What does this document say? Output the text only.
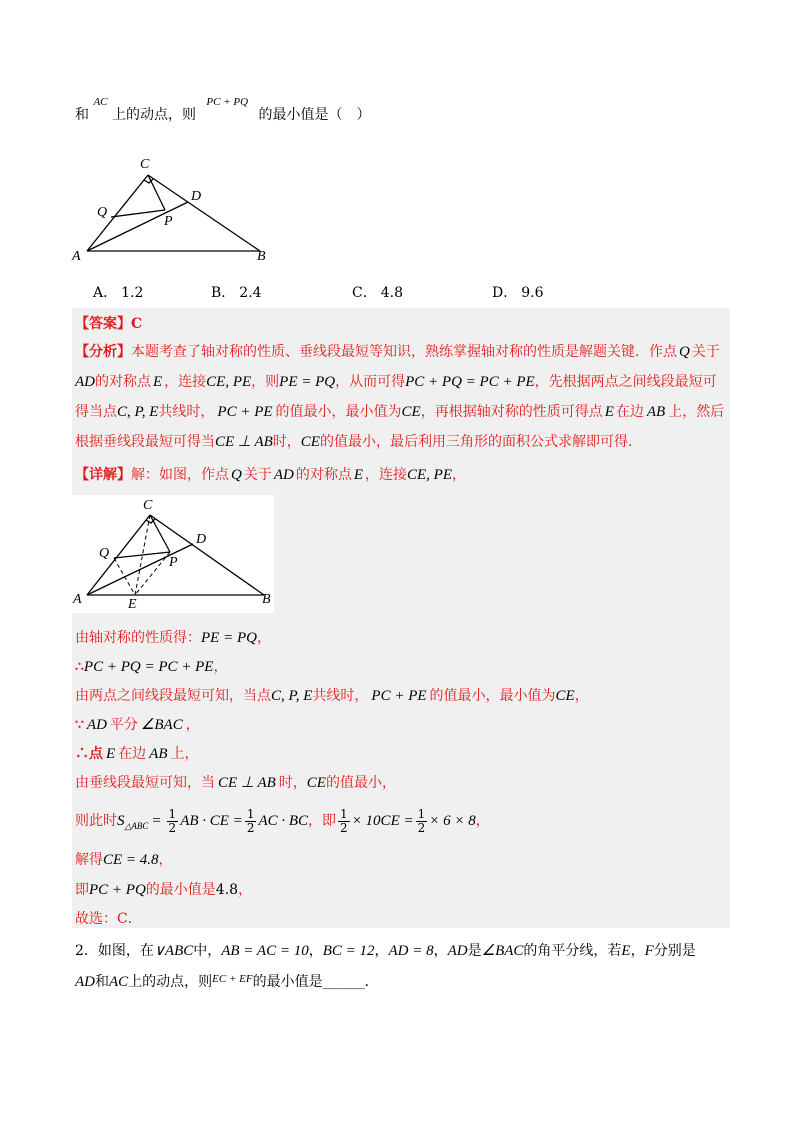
和 $^{AC}$ 上的动点，则 $^{PC + PQ}$ 的最小值是（　）
C
D
Q
P
A	B
A． 1.2	B． 2.4	C． 4.8	D． 9.6
【答案】C
【分析】本题考查了轴对称的性质、垂线段最短等知识，熟练掌握轴对称的性质是解题关键．作点 Q 关于
AD的对称点 E ，连接CE, PE，则PE = PQ，从而可得PC + PQ = PC + PE，先根据两点之间线段最短可
得当点C, P, E共线时， PC + PE 的值最小，最小值为CE，再根据轴对称的性质可得点 E 在边 AB 上，然后
根据垂线段最短可得当CE ⊥ AB时，CE的值最小，最后利用三角形的面积公式求解即可得．
【详解】解：如图，作点 Q 关于 AD 的对称点 E ，连接CE, PE，
C
D
Q
P
A	E	B
由轴对称的性质得：PE = PQ，
∴PC + PQ = PC + PE，
由两点之间线段最短可知，当点C, P, E共线时， PC + PE 的值最小，最小值为CE，
∵ AD 平分 ∠BAC ，
∴点 E 在边 AB 上，
由垂线段最短可知，当 CE ⊥ AB 时，CE的值最小，
则此时$S_{\triangle ABC} = \frac{1}{2}$ AB · CE = $\frac{1}{2}$ AC · BC，即 $\frac{1}{2} \times 10CE = \frac{1}{2} \times 6 \times 8$，
解得CE = 4.8，
即PC + PQ的最小值是4.8，
故选：C．
2．如图，在∨ABC中，AB = AC = 10，BC = 12，AD = 8，AD是∠BAC的角平分线，若E，F分别是
AD和AC上的动点，则$^{EC + EF}$的最小值是______．
